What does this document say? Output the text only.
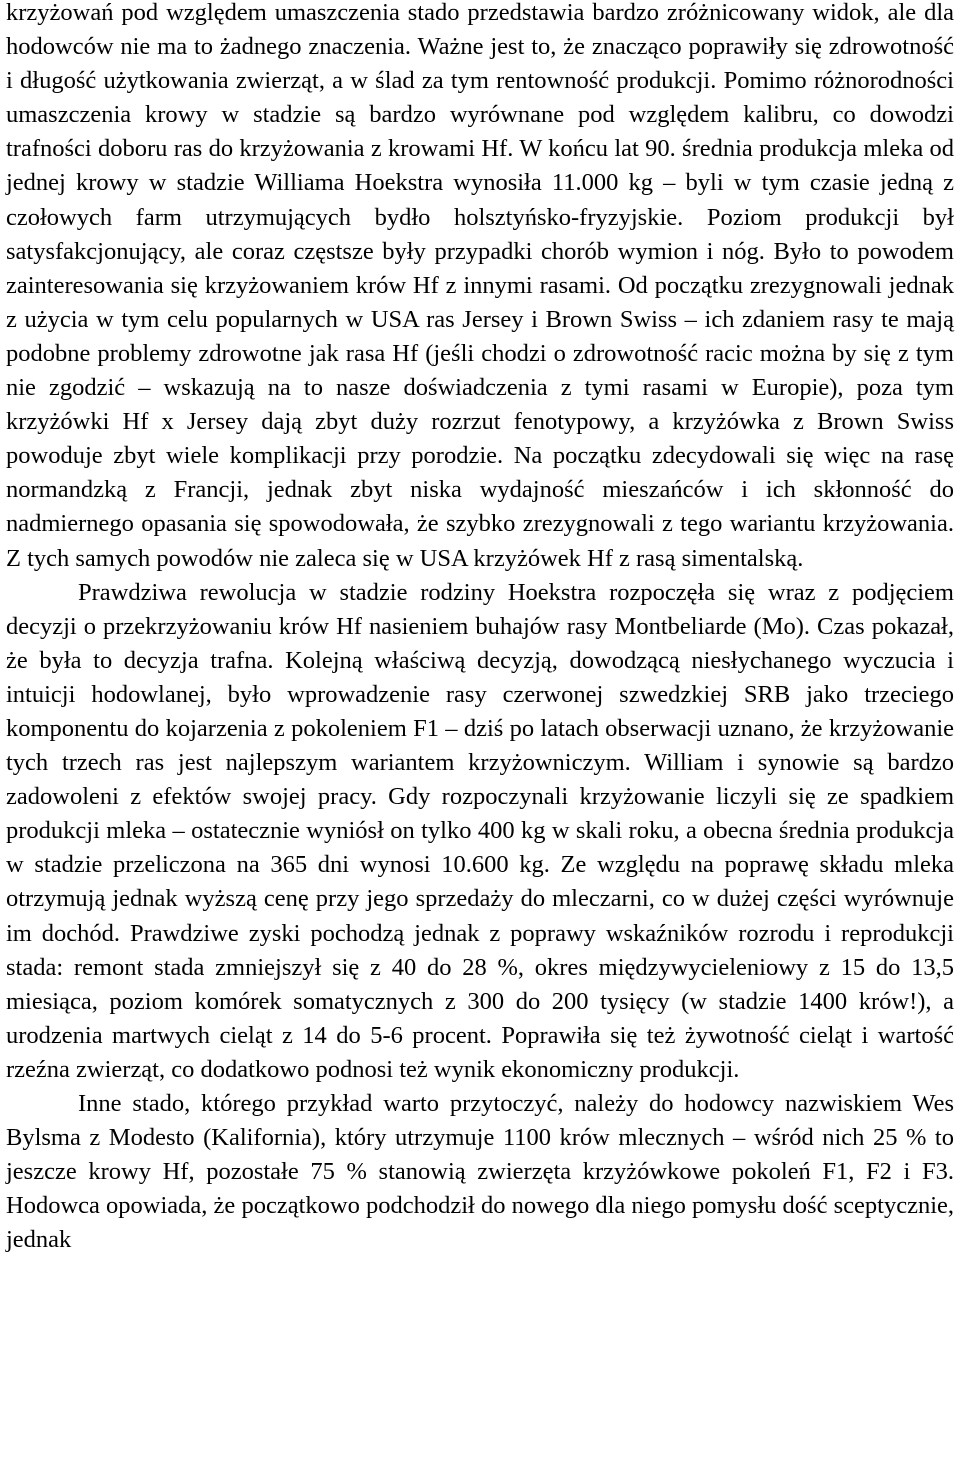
krzyżowań pod względem umaszczenia stado przedstawia bardzo zróżnicowany widok, ale dla hodowców nie ma to żadnego znaczenia. Ważne jest to, że znacząco poprawiły się zdrowotność i długość użytkowania zwierząt, a w ślad za tym rentowność produkcji. Pomimo różnorodności umaszczenia krowy w stadzie są bardzo wyrównane pod względem kalibru, co dowodzi trafności doboru ras do krzyżowania z krowami Hf. W końcu lat 90. średnia produkcja mleka od jednej krowy w stadzie Williama Hoekstra wynosiła 11.000 kg – byli w tym czasie jedną z czołowych farm utrzymujących bydło holsztyńsko-fryzyjskie. Poziom produkcji był satysfakcjonujący, ale coraz częstsze były przypadki chorób wymion i nóg. Było to powodem zainteresowania się krzyżowaniem krów Hf z innymi rasami. Od początku zrezygnowali jednak z użycia w tym celu popularnych w USA ras Jersey i Brown Swiss – ich zdaniem rasy te mają podobne problemy zdrowotne jak rasa Hf (jeśli chodzi o zdrowotność racic można by się z tym nie zgodzić – wskazują na to nasze doświadczenia z tymi rasami w Europie), poza tym krzyżówki Hf x Jersey dają zbyt duży rozrzut fenotypowy, a krzyżówka z Brown Swiss powoduje zbyt wiele komplikacji przy porodzie. Na początku zdecydowali się więc na rasę normandzką z Francji, jednak zbyt niska wydajność mieszańców i ich skłonność do nadmiernego opasania się spowodowała, że szybko zrezygnowali z tego wariantu krzyżowania. Z tych samych powodów nie zaleca się w USA krzyżówek Hf z rasą simentalską.

Prawdziwa rewolucja w stadzie rodziny Hoekstra rozpoczęła się wraz z podjęciem decyzji o przekrzyżowaniu krów Hf nasieniem buhajów rasy Montbeliarde (Mo). Czas pokazał, że była to decyzja trafna. Kolejną właściwą decyzją, dowodzącą niesłychanego wyczucia i intuicji hodowlanej, było wprowadzenie rasy czerwonej szwedzkiej SRB jako trzeciego komponentu do kojarzenia z pokoleniem F1 – dziś po latach obserwacji uznano, że krzyżowanie tych trzech ras jest najlepszym wariantem krzyżowniczym. William i synowie są bardzo zadowoleni z efektów swojej pracy. Gdy rozpoczynali krzyżowanie liczyli się ze spadkiem produkcji mleka – ostatecznie wyniósł on tylko 400 kg w skali roku, a obecna średnia produkcja w stadzie przeliczona na 365 dni wynosi 10.600 kg. Ze względu na poprawę składu mleka otrzymują jednak wyższą cenę przy jego sprzedaży do mleczarni, co w dużej części wyrównuje im dochód. Prawdziwe zyski pochodzą jednak z poprawy wskaźników rozrodu i reprodukcji stada: remont stada zmniejszył się z 40 do 28 %, okres międzywycieleniowy z 15 do 13,5 miesiąca, poziom komórek somatycznych z 300 do 200 tysięcy (w stadzie 1400 krów!), a urodzenia martwych cieląt z 14 do 5-6 procent. Poprawiła się też żywotność cieląt i wartość rzeźna zwierząt, co dodatkowo podnosi też wynik ekonomiczny produkcji.

Inne stado, którego przykład warto przytoczyć, należy do hodowcy nazwiskiem Wes Bylsma z Modesto (Kalifornia), który utrzymuje 1100 krów mlecznych – wśród nich 25 % to jeszcze krowy Hf, pozostałe 75 % stanowią zwierzęta krzyżówkowe pokoleń F1, F2 i F3. Hodowca opowiada, że początkowo podchodził do nowego dla niego pomysłu dość sceptycznie, jednak
